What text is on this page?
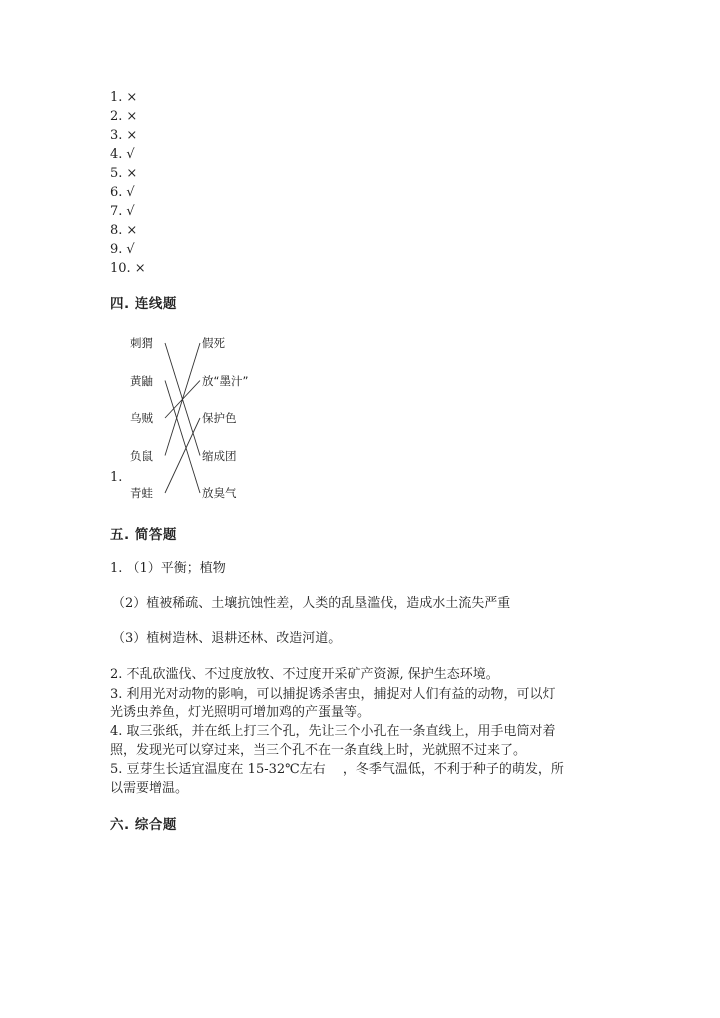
1. ×
2. ×
3. ×
4. √
5. ×
6. √
7. √
8. ×
9. √
10. ×
四. 连线题
刺猬
黄鼬
乌贼
负鼠
青蛙
假死
放“墨汁”
保护色
缩成团
放臭气
1.
五. 简答题
1. （1）平衡；植物
（2）植被稀疏、土壤抗蚀性差，人类的乱垦滥伐，造成水土流失严重
（3）植树造林、退耕还林、改造河道。
2. 不乱砍滥伐、不过度放牧、不过度开采矿产资源, 保护生态环境。
3. 利用光对动物的影响，可以捕捉诱杀害虫，捕捉对人们有益的动物，可以灯
光诱虫养鱼，灯光照明可增加鸡的产蛋量等。
4. 取三张纸，并在纸上打三个孔，先让三个小孔在一条直线上，用手电筒对着
照，发现光可以穿过来，当三个孔不在一条直线上时，光就照不过来了。
5. 豆芽生长适宜温度在 15-32℃左右　 ，冬季气温低，不利于种子的萌发，所
以需要增温。
六. 综合题
